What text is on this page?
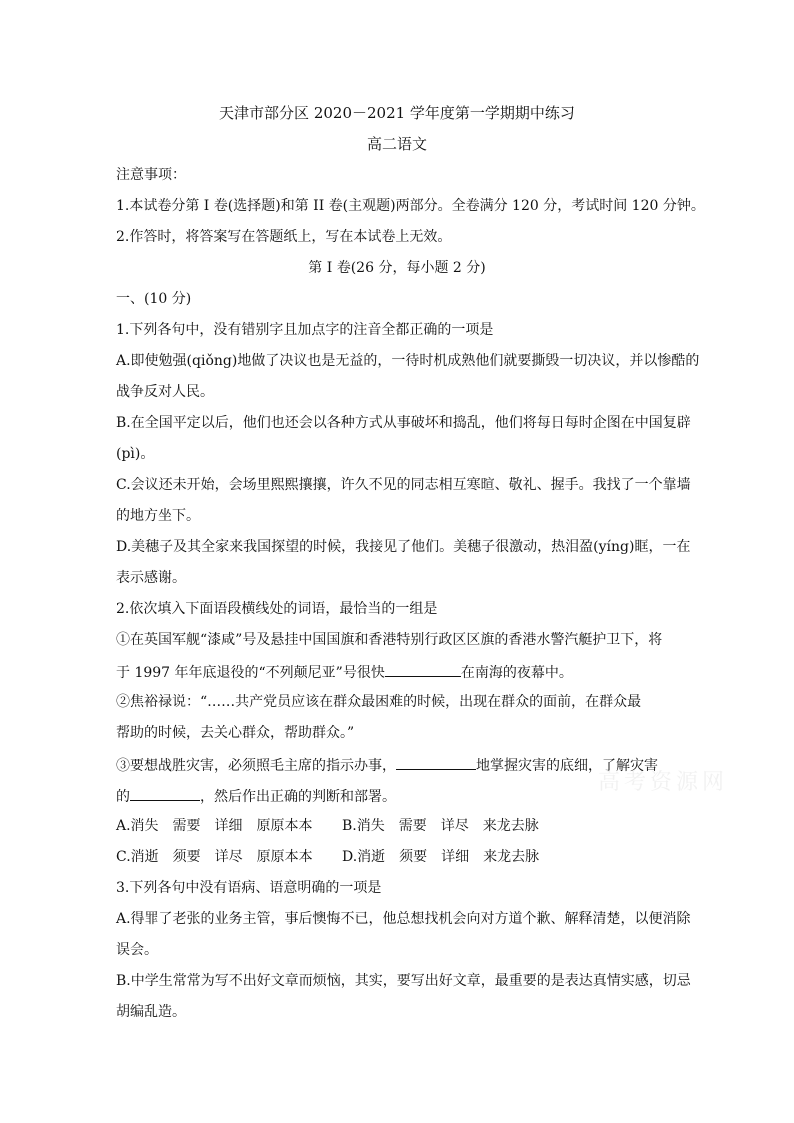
天津市部分区 2020－2021 学年度第一学期期中练习
高二语文
注意事项：
1.本试卷分第 I 卷(选择题)和第 II 卷(主观题)两部分。全卷满分 120 分，考试时间 120 分钟。
2.作答时，将答案写在答题纸上，写在本试卷上无效。
第 I 卷(26 分，每小题 2 分)
一、(10 分)
1.下列各句中，没有错别字且加点字的注音全都正确的一项是
A.即使勉强(qiǒng)地做了决议也是无益的，一待时机成熟他们就要撕毁一切决议，并以惨酷的
战争反对人民。
B.在全国平定以后，他们也还会以各种方式从事破坏和捣乱，他们将每日每时企图在中国复辟
(pì)。
C.会议还未开始，会场里熙熙攘攘，许久不见的同志相互寒暄、敬礼、握手。我找了一个靠墙
的地方坐下。
D.美穗子及其全家来我国探望的时候，我接见了他们。美穗子很激动，热泪盈(yíng)眶，一在
表示感谢。
2.依次填入下面语段横线处的词语，最恰当的一组是
①在英国军舰“漆咸”号及悬挂中国国旗和香港特别行政区区旗的香港水警汽艇护卫下，将
于 1997 年年底退役的“不列颠尼亚”号很快	在南海的夜幕中。
②焦裕禄说：“……共产党员应该在群众最困难的时候，出现在群众的面前，在群众最
帮助的时候，去关心群众，帮助群众。”
③要想战胜灾害，必须照毛主席的指示办事，	地掌握灾害的底细，了解灾害
的	，然后作出正确的判断和部署。
A.消失　需要　详细　原原本本 B.消失　需要　详尽　来龙去脉
C.消逝　须要　详尽　原原本本 D.消逝　须要　详细　来龙去脉
3.下列各句中没有语病、语意明确的一项是
A.得罪了老张的业务主管，事后懊悔不已，他总想找机会向对方道个歉、解释清楚，以便消除
误会。
B.中学生常常为写不出好文章而烦恼，其实，要写出好文章，最重要的是表达真情实感，切忌
胡编乱造。
高考资源网
